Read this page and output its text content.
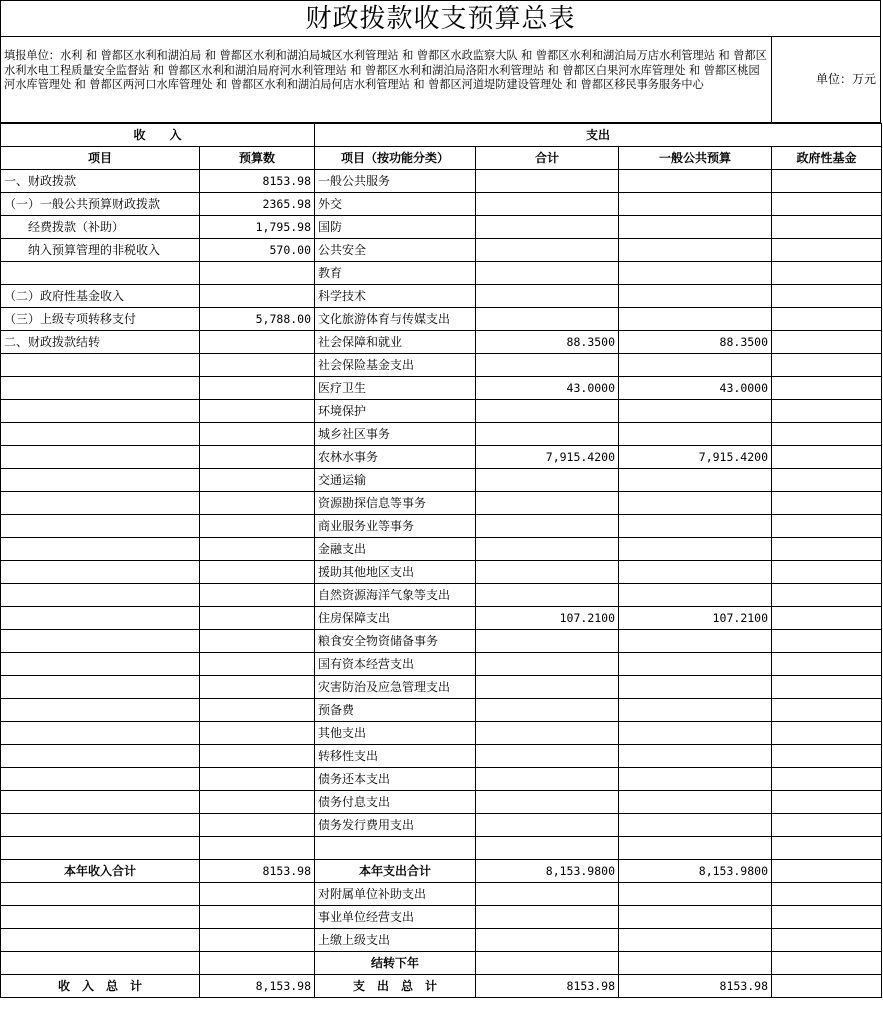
财政拨款收支预算总表
填报单位：水利 和 曾都区水利和湖泊局 和 曾都区水利和湖泊局城区水利管理站 和 曾都区水政监察大队 和 曾都区水利和湖泊局万店水利管理站 和 曾都区水利水电工程质量安全监督站 和 曾都区水利和湖泊局府河水利管理站 和 曾都区水利和湖泊局洛阳水利管理站 和 曾都区白果河水库管理处 和 曾都区桃园河水库管理处 和 曾都区两河口水库管理处 和 曾都区水利和湖泊局何店水利管理站 和 曾都区河道堤防建设管理处 和 曾都区移民事务服务中心	单位：万元
收　　入		支出			
项目	预算数	项目（按功能分类）	合计	一般公共预算	政府性基金
一、财政拨款	8153.98	一般公共服务			
（一）一般公共预算财政拨款	2365.98	外交			
　　经费拨款（补助）	1,795.98	国防			
　　纳入预算管理的非税收入	570.00	公共安全			
		教育			
（二）政府性基金收入		科学技术			
（三）上级专项转移支付	5,788.00	文化旅游体育与传媒支出			
二、财政拨款结转		社会保障和就业	88.3500	88.3500	
		社会保险基金支出			
		医疗卫生	43.0000	43.0000	
		环境保护			
		城乡社区事务			
		农林水事务	7,915.4200	7,915.4200	
		交通运输			
		资源勘探信息等事务			
		商业服务业等事务			
		金融支出			
		援助其他地区支出			
		自然资源海洋气象等支出			
		住房保障支出	107.2100	107.2100	
		粮食安全物资储备事务			
		国有资本经营支出			
		灾害防治及应急管理支出			
		预备费			
		其他支出			
		转移性支出			
		债务还本支出			
		债务付息支出			
		债务发行费用支出			

本年收入合计	8153.98	本年支出合计	8,153.9800	8,153.9800	
		对附属单位补助支出			
		事业单位经营支出			
		上缴上级支出			
		结转下年			
收　入　总　计	8,153.98	支　出　总　计	8153.98	8153.98	
